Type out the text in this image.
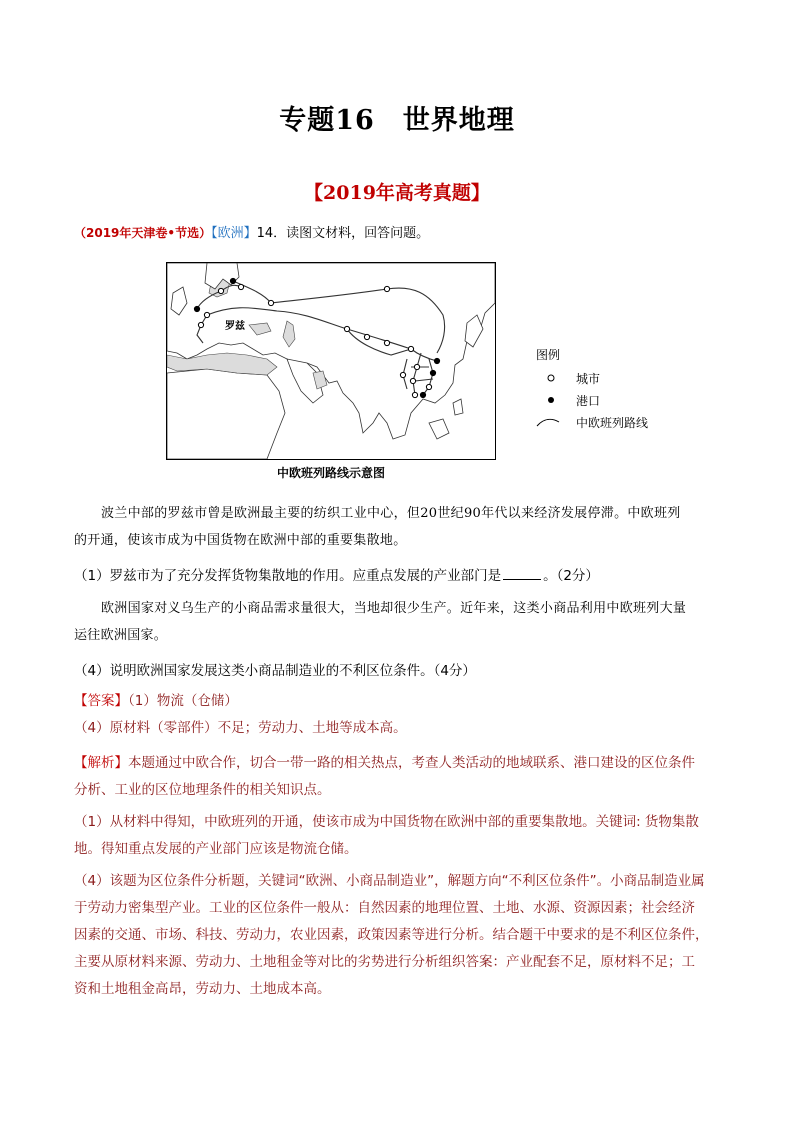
专题16　世界地理
【2019年高考真题】
（2019年天津卷•节选）【欧洲】14．读图文材料，回答问题。
罗兹
中欧班列路线示意图
图例
城市
港口
中欧班列路线
波兰中部的罗兹市曾是欧洲最主要的纺织工业中心，但20世纪90年代以来经济发展停滞。中欧班列
的开通，使该市成为中国货物在欧洲中部的重要集散地。
（1）罗兹市为了充分发挥货物集散地的作用。应重点发展的产业部门是	。（2分）
欧洲国家对义乌生产的小商品需求量很大，当地却很少生产。近年来，这类小商品利用中欧班列大量
运往欧洲国家。
（4）说明欧洲国家发展这类小商品制造业的不利区位条件。（4分）
【答案】（1）物流（仓储）
（4）原材料（零部件）不足；劳动力、土地等成本高。
【解析】本题通过中欧合作，切合一带一路的相关热点，考查人类活动的地域联系、港口建设的区位条件
分析、工业的区位地理条件的相关知识点。
（1）从材料中得知，中欧班列的开通，使该市成为中国货物在欧洲中部的重要集散地。关键词: 货物集散
地。得知重点发展的产业部门应该是物流仓储。
（4）该题为区位条件分析题，关键词“欧洲、小商品制造业”，解题方向“不利区位条件”。小商品制造业属
于劳动力密集型产业。工业的区位条件一般从：自然因素的地理位置、土地、水源、资源因素；社会经济
因素的交通、市场、科技、劳动力，农业因素，政策因素等进行分析。结合题干中要求的是不利区位条件，
主要从原材料来源、劳动力、土地租金等对比的劣势进行分析组织答案：产业配套不足，原材料不足；工
资和土地租金高昂，劳动力、土地成本高。
